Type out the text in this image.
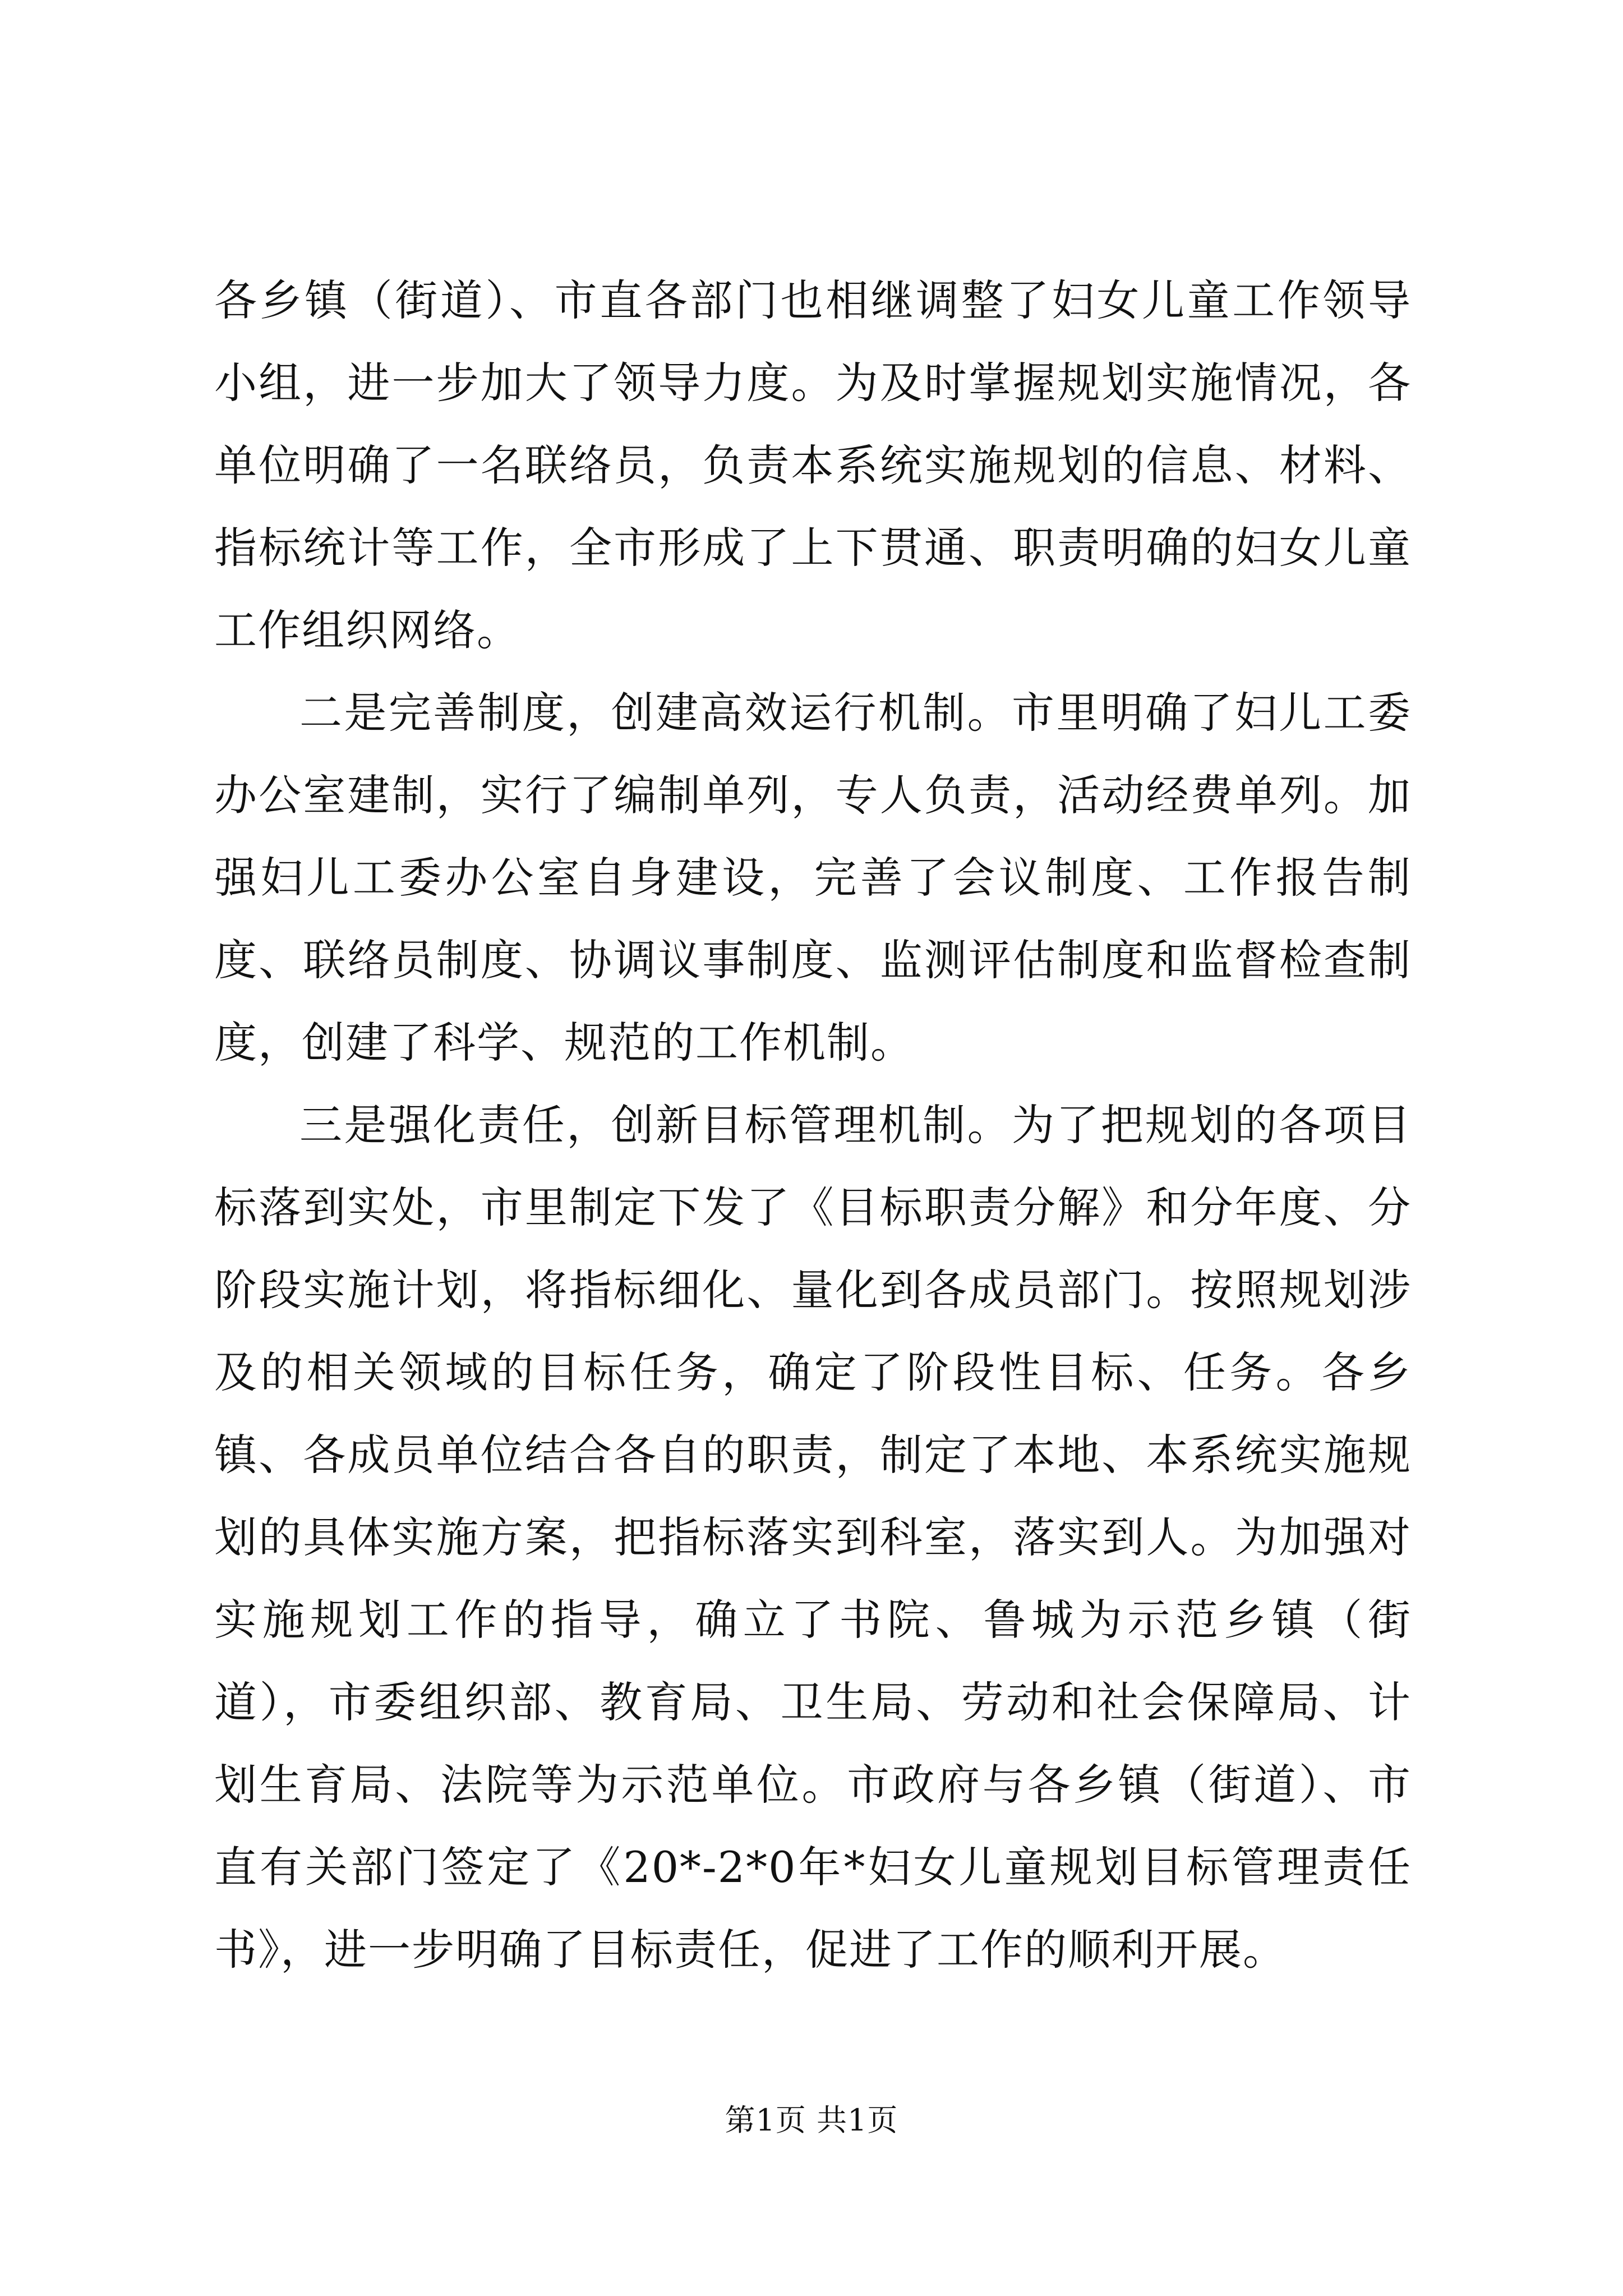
各乡镇（街道）、市直各部门也相继调整了妇女儿童工作领导小组，进一步加大了领导力度。为及时掌握规划实施情况，各单位明确了一名联络员，负责本系统实施规划的信息、材料、指标统计等工作，全市形成了上下贯通、职责明确的妇女儿童工作组织网络。

二是完善制度，创建高效运行机制。市里明确了妇儿工委办公室建制，实行了编制单列，专人负责，活动经费单列。加强妇儿工委办公室自身建设，完善了会议制度、工作报告制度、联络员制度、协调议事制度、监测评估制度和监督检查制度，创建了科学、规范的工作机制。

三是强化责任，创新目标管理机制。为了把规划的各项目标落到实处，市里制定下发了《目标职责分解》和分年度、分阶段实施计划，将指标细化、量化到各成员部门。按照规划涉及的相关领域的目标任务，确定了阶段性目标、任务。各乡镇、各成员单位结合各自的职责，制定了本地、本系统实施规划的具体实施方案，把指标落实到科室，落实到人。为加强对实施规划工作的指导，确立了书院、鲁城为示范乡镇（街道），市委组织部、教育局、卫生局、劳动和社会保障局、计划生育局、法院等为示范单位。市政府与各乡镇（街道）、市直有关部门签定了《20*-2*0年*妇女儿童规划目标管理责任书》，进一步明确了目标责任，促进了工作的顺利开展。

第1页 共1页
